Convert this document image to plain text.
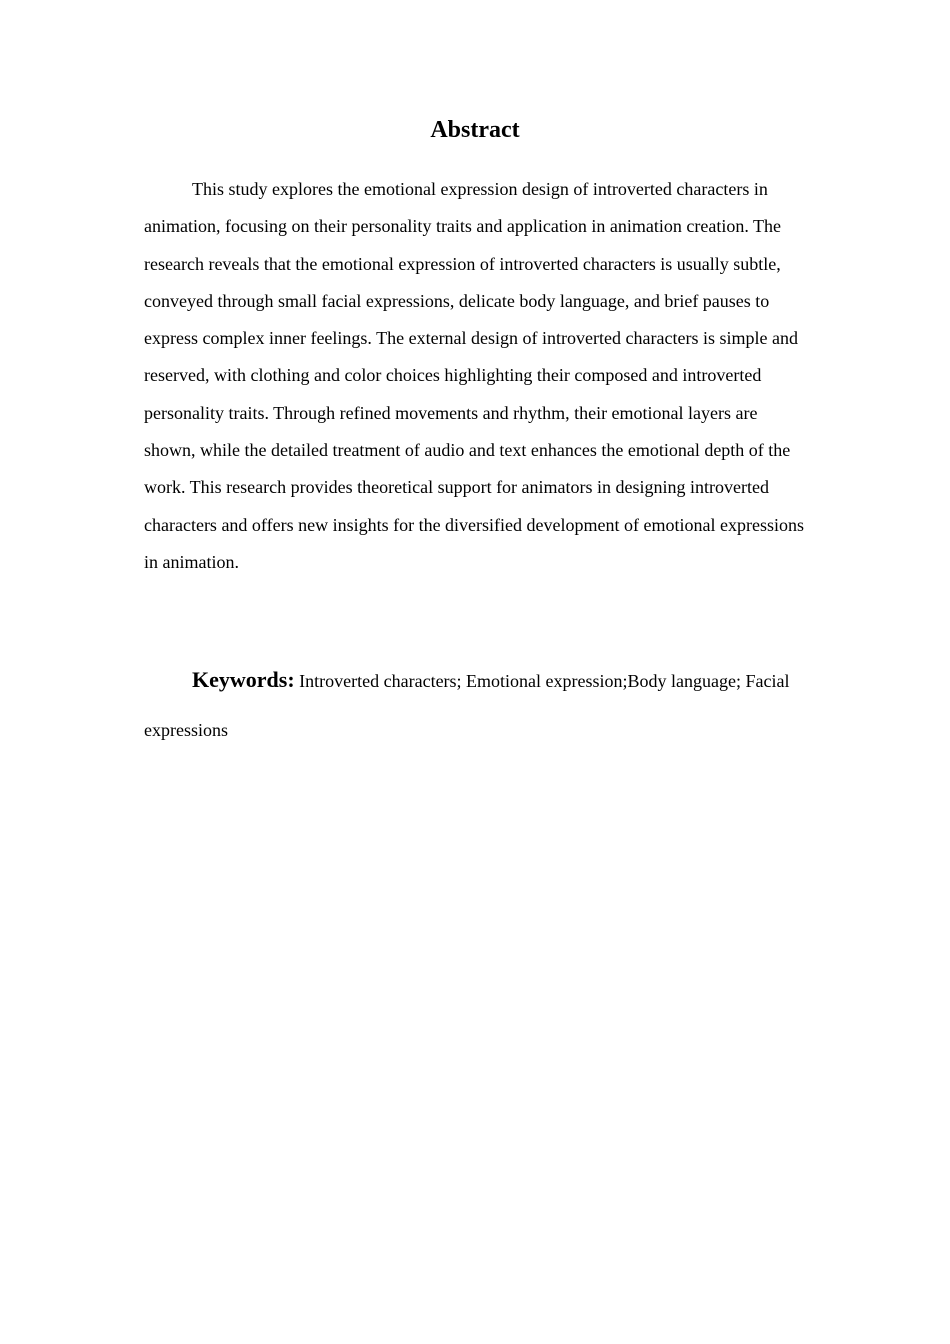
Abstract

This study explores the emotional expression design of introverted characters in animation, focusing on their personality traits and application in animation creation. The research reveals that the emotional expression of introverted characters is usually subtle, conveyed through small facial expressions, delicate body language, and brief pauses to express complex inner feelings. The external design of introverted characters is simple and reserved, with clothing and color choices highlighting their composed and introverted personality traits. Through refined movements and rhythm, their emotional layers are shown, while the detailed treatment of audio and text enhances the emotional depth of the work. This research provides theoretical support for animators in designing introverted characters and offers new insights for the diversified development of emotional expressions in animation.

Keywords: Introverted characters; Emotional expression;Body language; Facial expressions
